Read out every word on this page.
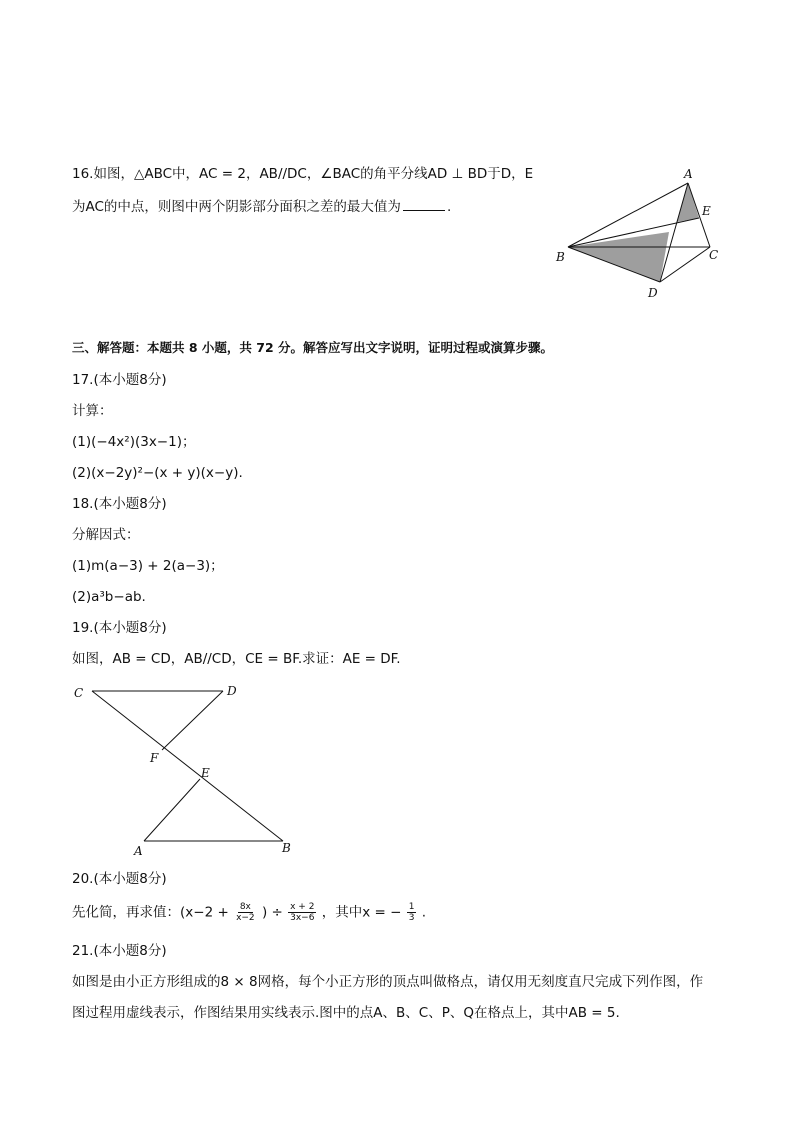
16.如图，△ABC中，AC = 2，AB//DC，∠BAC的角平分线AD ⊥ BD于D，E
为AC的中点，则图中两个阴影部分面积之差的最大值为	.
A
E
B	C
D
三、解答题：本题共 8 小题，共 72 分。解答应写出文字说明，证明过程或演算步骤。
17.(本小题8分)
计算：
(1)(−4x²)(3x−1)；
(2)(x−2y)²−(x + y)(x−y).
18.(本小题8分)
分解因式：
(1)m(a−3) + 2(a−3)；
(2)a³b−ab.
19.(本小题8分)
如图，AB = CD，AB//CD，CE = BF.求证：AE = DF.
C	D
F
E
A	B
20.(本小题8分)
先化简，再求值：($x-2 + \frac{8x}{x-2}$ ) ÷ $\frac{x + 2}{3x-6}$ ，其中x = − $\frac{1}{3}$ .
21.(本小题8分)
如图是由小正方形组成的8 × 8网格，每个小正方形的顶点叫做格点，请仅用无刻度直尺完成下列作图，作
图过程用虚线表示，作图结果用实线表示.图中的点A、B、C、P、Q在格点上，其中AB = 5.
